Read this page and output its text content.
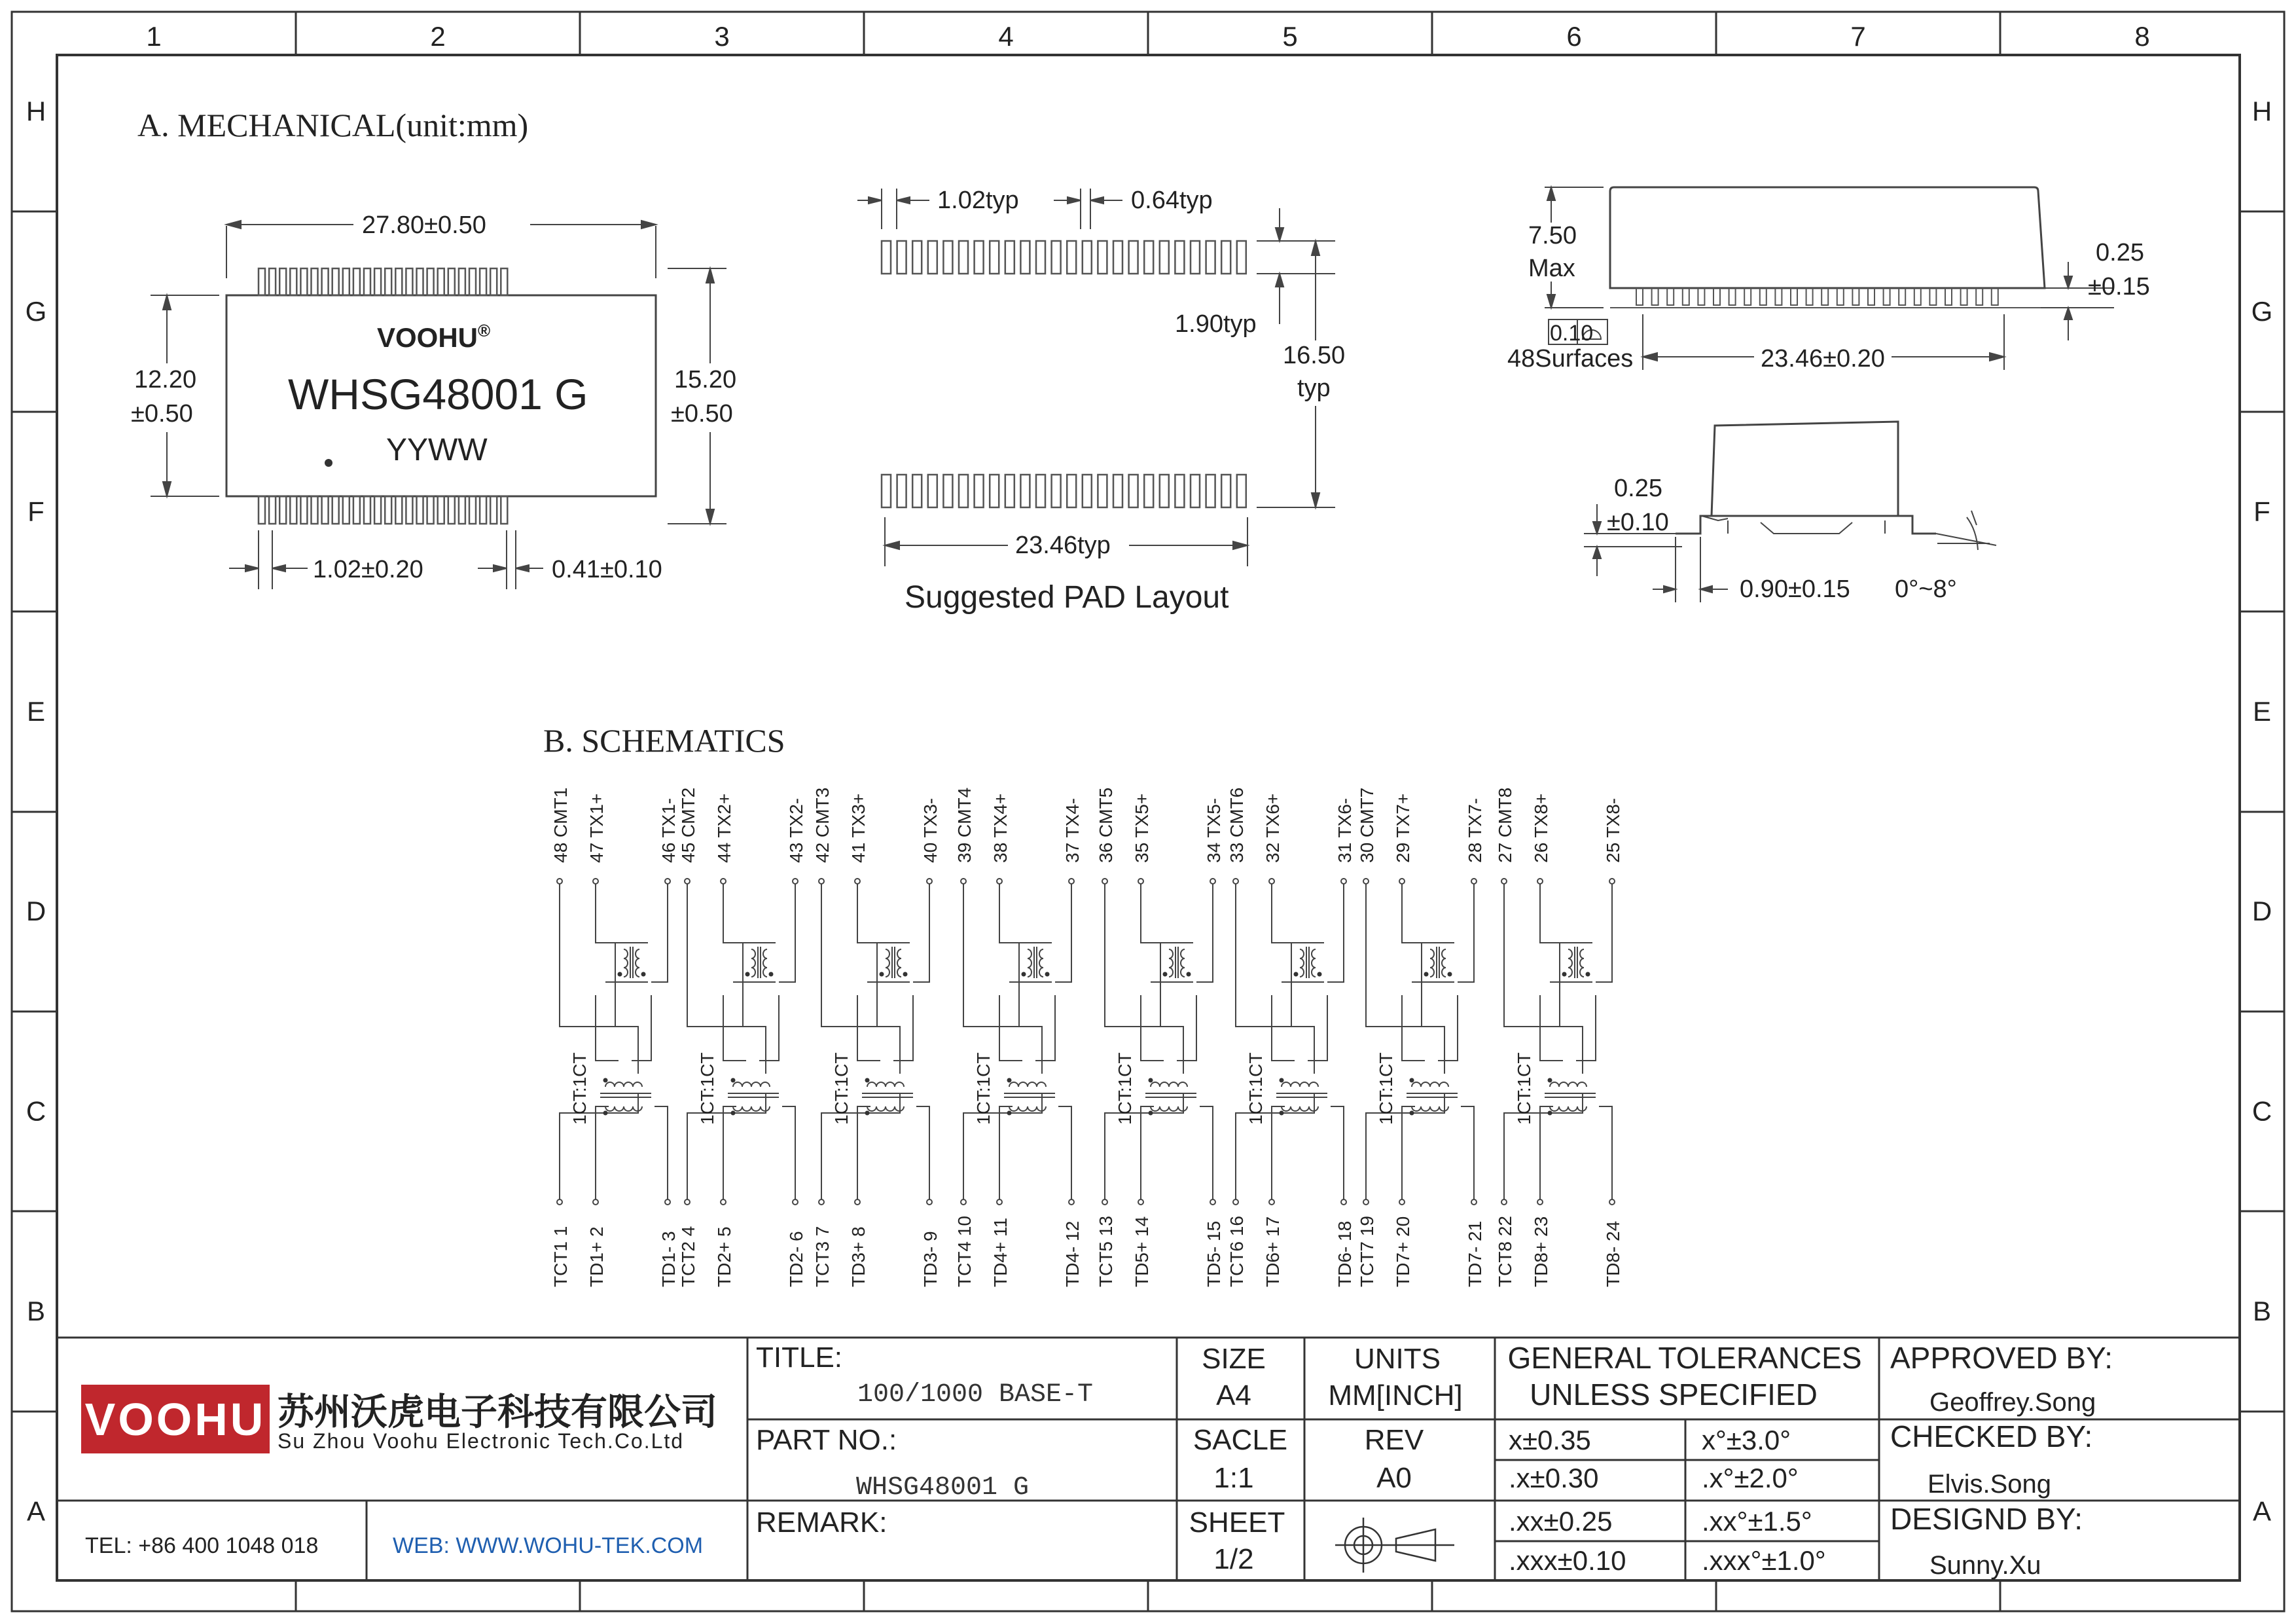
1	2	3	4	5	6	7	8
H	H
G	G
F	F
E	E
D	D
C	C
B	B
A	A
A. MECHANICAL(unit:mm)
VOOHU®
WHSG48001 G
YYWW
27.80±0.50
12.20
±0.50
15.20
±0.50
1.02±0.20	0.41±0.10
1.02typ	0.64typ
1.90typ
16.50
typ
23.46typ
Suggested PAD Layout
7.50
Max
0.25
±0.15
0.10
48Surfaces	23.46±0.20
0.25
±0.10
0.90±0.15 0°~8°
B. SCHEMATICS
48 CMT1 47 TX1+	46 TX1-
TCT1 1 TD1+ 2	TD1- 3
1CT:1CT
45 CMT2 44 TX2+	43 TX2-
TCT2 4 TD2+ 5	TD2- 6
1CT:1CT
42 CMT3 41 TX3+	40 TX3-
TCT3 7 TD3+ 8	TD3- 9
1CT:1CT
39 CMT4 38 TX4+	37 TX4-
TCT4 10 TD4+ 11	TD4- 12
1CT:1CT
36 CMT5 35 TX5+	34 TX5-
TCT5 13 TD5+ 14	TD5- 15
1CT:1CT
33 CMT6 32 TX6+	31 TX6-
TCT6 16 TD6+ 17	TD6- 18
1CT:1CT
30 CMT7 29 TX7+	28 TX7-
TCT7 19 TD7+ 20	TD7- 21
1CT:1CT
27 CMT8 26 TX8+	25 TX8-
TCT8 22 TD8+ 23	TD8- 24
1CT:1CT
VOOHU 苏州沃虎电子科技有限公司
Su Zhou Voohu Electronic Tech.Co.Ltd
TEL: +86 400 1048 018	WEB: WWW.WOHU-TEK.COM
TITLE:
100/1000 BASE-T
PART NO.:
WHSG48001 G
REMARK:
SIZE
A4
SACLE
1:1
SHEET
1/2
UNITS
MM[INCH]
REV
A0
GENERAL TOLERANCES
UNLESS SPECIFIED
x±0.35	x°±3.0°
.x±0.30	.x°±2.0°
.xx±0.25	.xx°±1.5°
.xxx±0.10	.xxx°±1.0°
APPROVED BY:
Geoffrey.Song
CHECKED BY:
Elvis.Song
DESIGND BY:
Sunny.Xu
